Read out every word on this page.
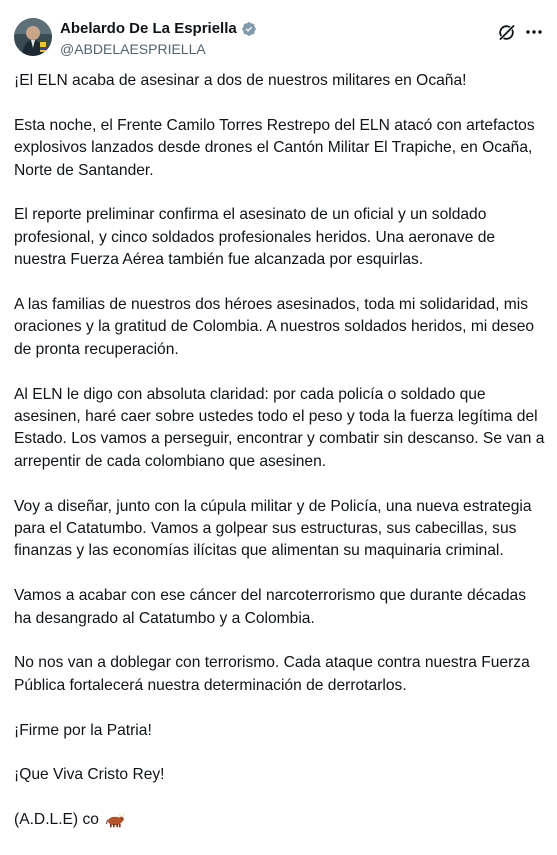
Abelardo De La Espriella
@ABDELAESPRIELLA

¡El ELN acaba de asesinar a dos de nuestros militares en Ocaña!

Esta noche, el Frente Camilo Torres Restrepo del ELN atacó con artefactos explosivos lanzados desde drones el Cantón Militar El Trapiche, en Ocaña, Norte de Santander.

El reporte preliminar confirma el asesinato de un oficial y un soldado profesional, y cinco soldados profesionales heridos. Una aeronave de nuestra Fuerza Aérea también fue alcanzada por esquirlas.

A las familias de nuestros dos héroes asesinados, toda mi solidaridad, mis oraciones y la gratitud de Colombia. A nuestros soldados heridos, mi deseo de pronta recuperación.

Al ELN le digo con absoluta claridad: por cada policía o soldado que asesinen, haré caer sobre ustedes todo el peso y toda la fuerza legítima del Estado. Los vamos a perseguir, encontrar y combatir sin descanso. Se van a arrepentir de cada colombiano que asesinen.

Voy a diseñar, junto con la cúpula militar y de Policía, una nueva estrategia para el Catatumbo. Vamos a golpear sus estructuras, sus cabecillas, sus finanzas y las economías ilícitas que alimentan su maquinaria criminal.

Vamos a acabar con ese cáncer del narcoterrorismo que durante décadas ha desangrado al Catatumbo y a Colombia.

No nos van a doblegar con terrorismo. Cada ataque contra nuestra Fuerza Pública fortalecerá nuestra determinación de derrotarlos.

¡Firme por la Patria!

¡Que Viva Cristo Rey!

(A.D.L.E) co
